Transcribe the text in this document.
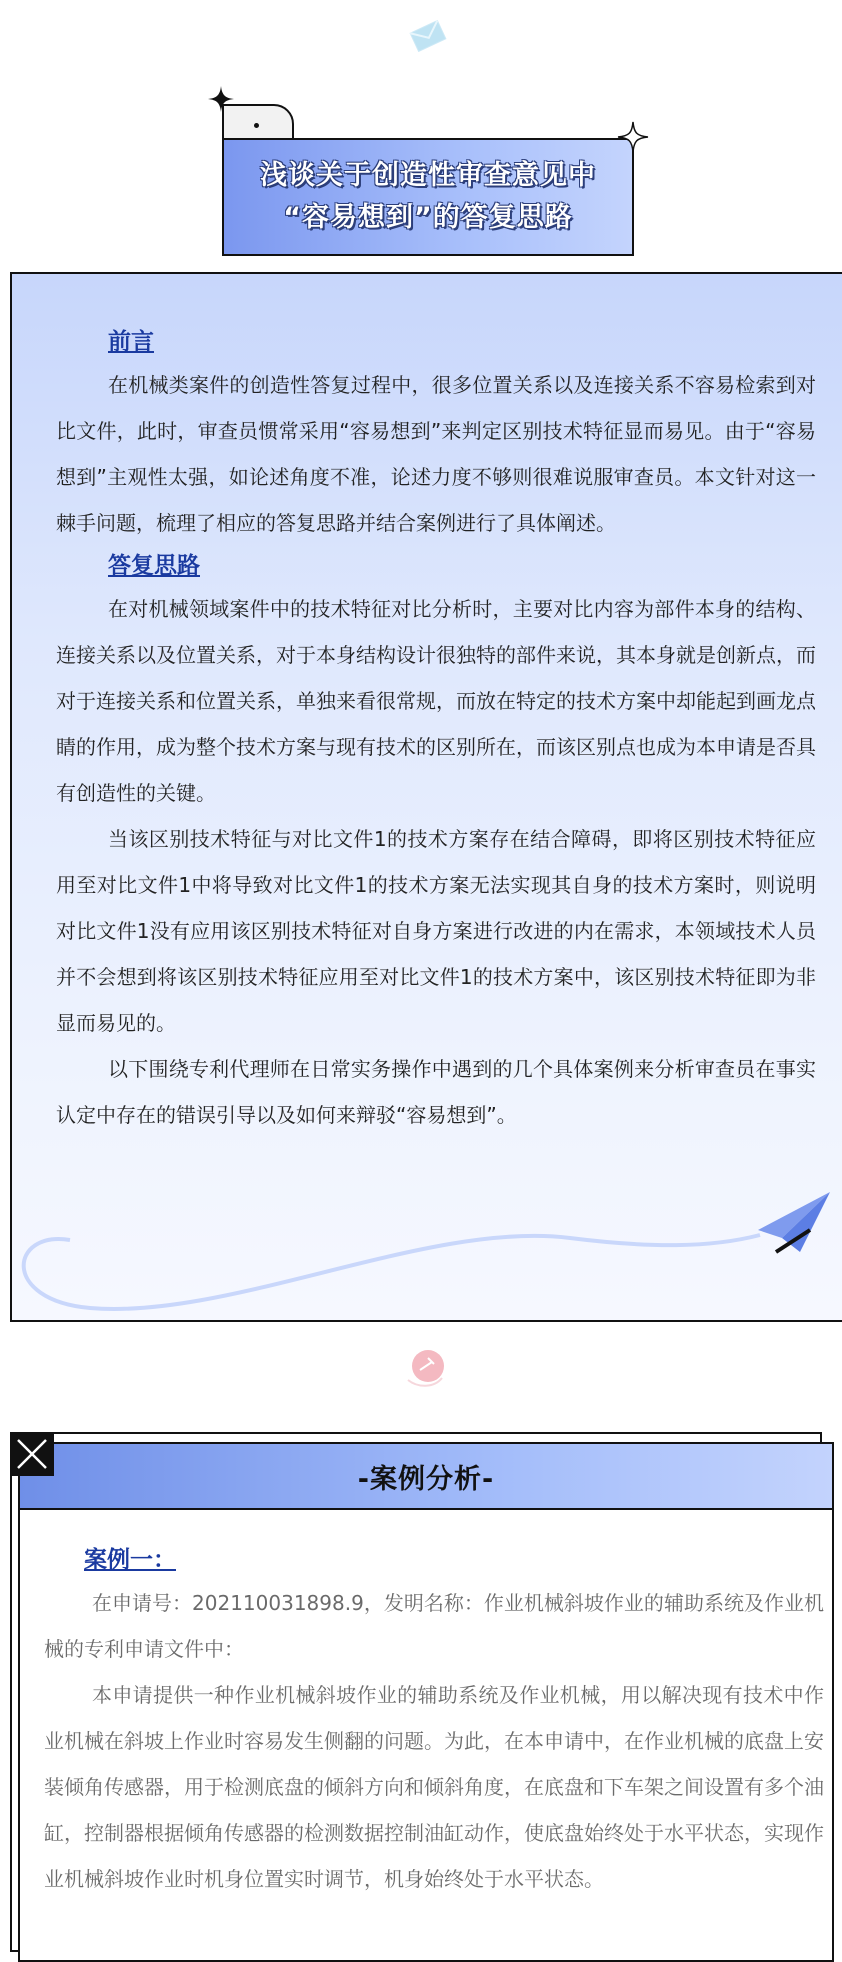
浅谈关于创造性审查意见中
“容易想到”的答复思路

前言

在机械类案件的创造性答复过程中，很多位置关系以及连接关系不容易检索到对比文件，此时，审查员惯常采用“容易想到”来判定区别技术特征显而易见。由于“容易想到”主观性太强，如论述角度不准，论述力度不够则很难说服审查员。本文针对这一棘手问题，梳理了相应的答复思路并结合案例进行了具体阐述。

答复思路

在对机械领域案件中的技术特征对比分析时，主要对比内容为部件本身的结构、连接关系以及位置关系，对于本身结构设计很独特的部件来说，其本身就是创新点，而对于连接关系和位置关系，单独来看很常规，而放在特定的技术方案中却能起到画龙点睛的作用，成为整个技术方案与现有技术的区别所在，而该区别点也成为本申请是否具有创造性的关键。

当该区别技术特征与对比文件1的技术方案存在结合障碍，即将区别技术特征应用至对比文件1中将导致对比文件1的技术方案无法实现其自身的技术方案时，则说明对比文件1没有应用该区别技术特征对自身方案进行改进的内在需求，本领域技术人员并不会想到将该区别技术特征应用至对比文件1的技术方案中，该区别技术特征即为非显而易见的。

以下围绕专利代理师在日常实务操作中遇到的几个具体案例来分析审查员在事实认定中存在的错误引导以及如何来辩驳“容易想到”。

-案例分析-

案例一：

在申请号：202110031898.9，发明名称：作业机械斜坡作业的辅助系统及作业机械的专利申请文件中：

本申请提供一种作业机械斜坡作业的辅助系统及作业机械，用以解决现有技术中作业机械在斜坡上作业时容易发生侧翻的问题。为此，在本申请中，在作业机械的底盘上安装倾角传感器，用于检测底盘的倾斜方向和倾斜角度，在底盘和下车架之间设置有多个油缸，控制器根据倾角传感器的检测数据控制油缸动作，使底盘始终处于水平状态，实现作业机械斜坡作业时机身位置实时调节，机身始终处于水平状态。
